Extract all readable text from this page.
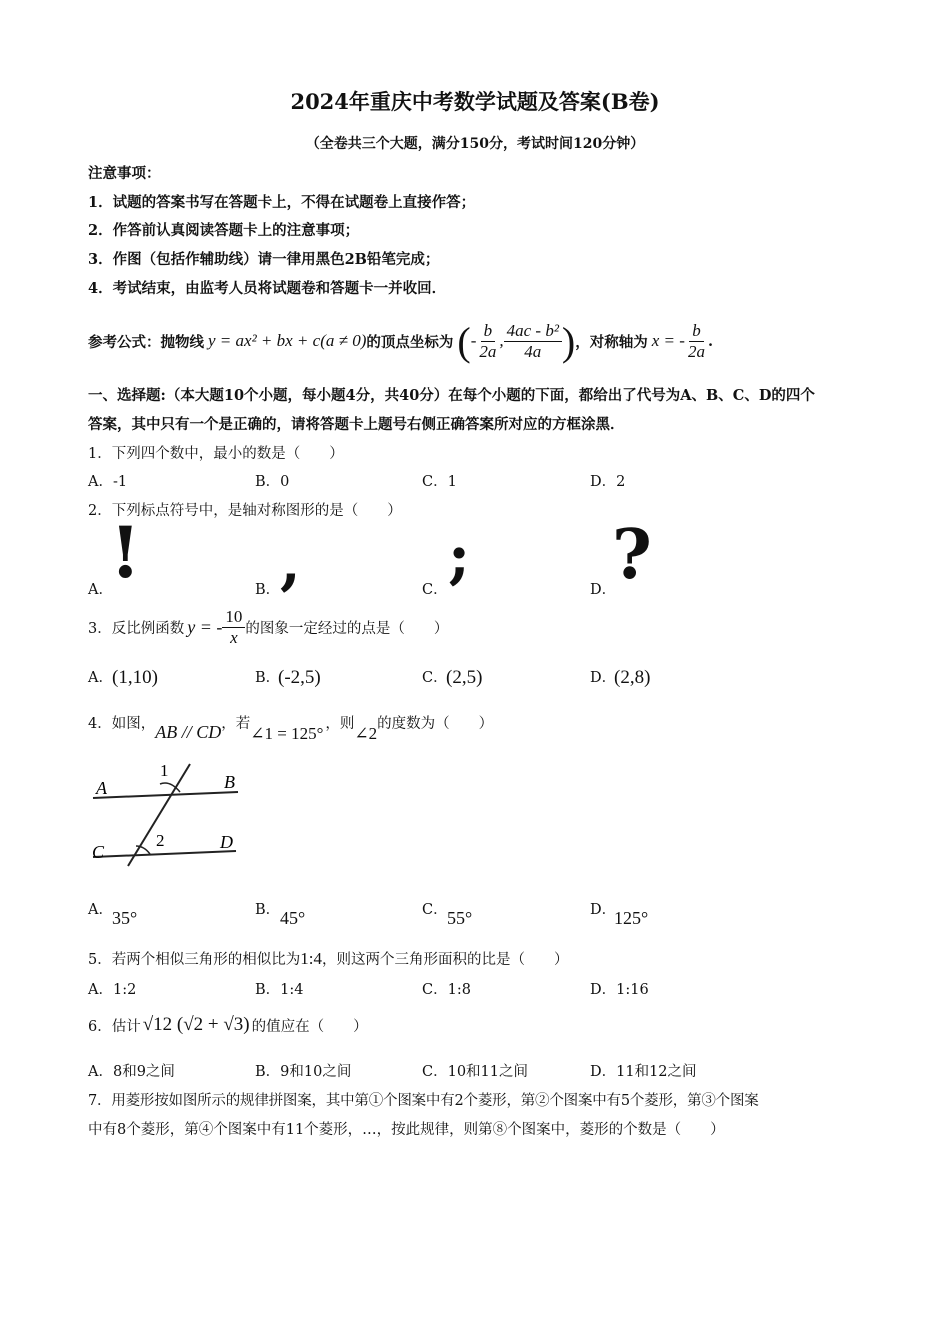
2024年重庆中考数学试题及答案(B卷)
（全卷共三个大题，满分150分，考试时间120分钟）
注意事项：
1．试题的答案书写在答题卡上，不得在试题卷上直接作答；
2．作答前认真阅读答题卡上的注意事项；
3．作图（包括作辅助线）请一律用黑色2B铅笔完成；
4．考试结束，由监考人员将试题卷和答题卡一并收回．
参考公式：抛物线 y = ax² + bx + c (a ≠ 0) 的顶点坐标为 ( - $\frac{b}{2a}$ , $\frac{\text{4ac - b²}}{4a}$ ) ，对称轴为 x = - $\frac{b}{2a}$ .
一、选择题:（本大题10个小题，每小题4分，共40分）在每个小题的下面，都给出了代号为A、B、C、D的四个
答案，其中只有一个是正确的，请将答题卡上题号右侧正确答案所对应的方框涂黑．
1．下列四个数中，最小的数是（　　）
A．-1	B．0	C．1	D．2
2．下列标点符号中，是轴对称图形的是（　　）
A．
!	B． ,	C． ;	D．
?
3．反比例函数 y = - $\frac{10}{x}$ 的图象一定经过的点是（　　）
A． (1,10)	B．
(-2,5)	C．
(2,5)	D．
(2,8)
4．如图， AB // CD ，若 ∠1 = 125° ，则 ∠2 的度数为（　　）
A	B
C	D
1
2
A． 35°	B． 45°	C． 55°	D．
125°
5．若两个相似三角形的相似比为 1:4 ，则这两个三角形面积的比是（　　）
A．1:2	B．1:4	C．1:8	D．1:16
6．估计 √12 (√2 + √3) 的值应在（　　）
A．8和9之间	B．9和10之间	C．10和11之间	D．11和12之间
7．用菱形按如图所示的规律拼图案，其中第①个图案中有2个菱形，第②个图案中有5个菱形，第③个图案
中有8个菱形，第④个图案中有11个菱形，…，按此规律，则第⑧个图案中，菱形的个数是（　　）
